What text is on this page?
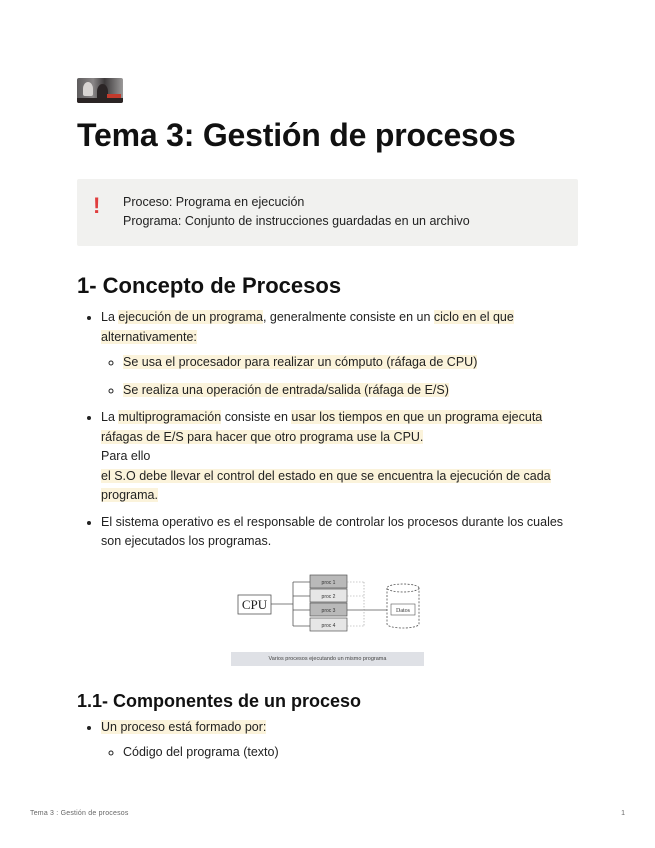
Tema 3: Gestión de procesos
!	Proceso: Programa en ejecución
Programa: Conjunto de instrucciones guardadas en un archivo
1- Concepto de Procesos
• La ejecución de un programa, generalmente consiste en un ciclo en el que alternativamente:
◦ Se usa el procesador para realizar un cómputo (ráfaga de CPU)
◦ Se realiza una operación de entrada/salida (ráfaga de E/S)
• La multiprogramación consiste en usar los tiempos en que un programa ejecuta ráfagas de E/S para hacer que otro programa use la CPU.
Para ello
el S.O debe llevar el control del estado en que se encuentra la ejecución de cada programa.
• El sistema operativo es el responsable de controlar los procesos durante los cuales son ejecutados los programas.
CPU
proc 1
proc 2
proc 3
proc 4
Datos
Varios procesos ejecutando un mismo programa
1.1- Componentes de un proceso
• Un proceso está formado por:
◦ Código del programa (texto)
Tema 3 : Gestión de procesos	1
